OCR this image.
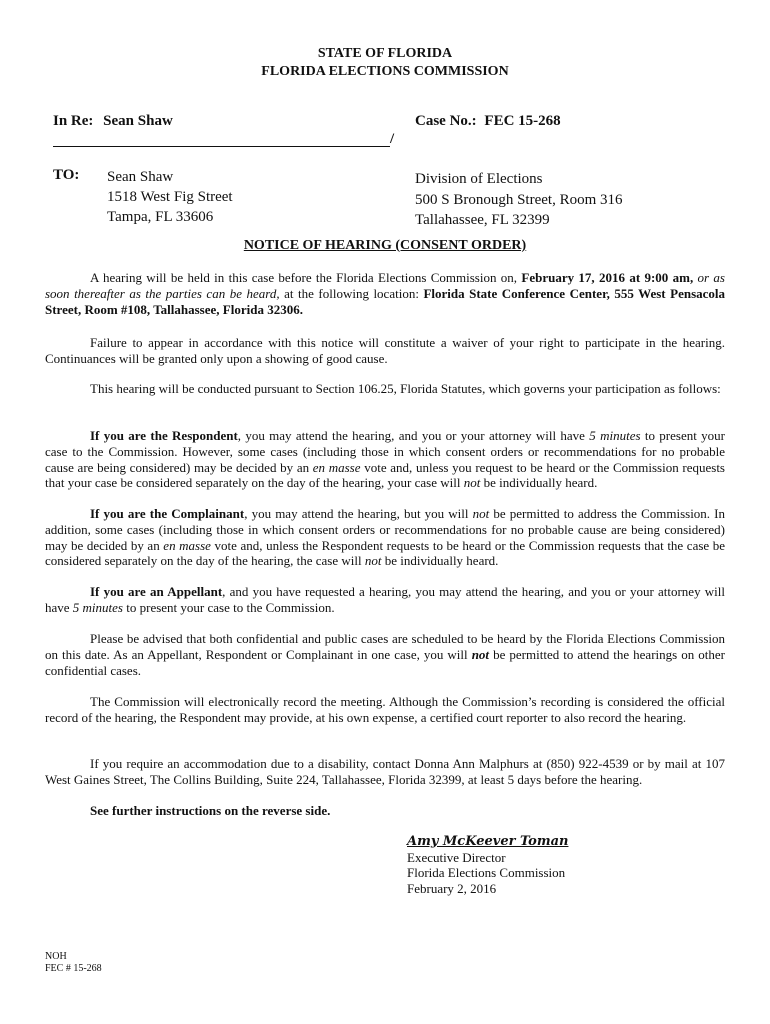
STATE OF FLORIDA
FLORIDA ELECTIONS COMMISSION
In Re: Sean Shaw	Case No.: FEC 15-268
/
TO: Sean Shaw
1518 West Fig Street
Tampa, FL 33606
Division of Elections
500 S Bronough Street, Room 316
Tallahassee, FL 32399
NOTICE OF HEARING (CONSENT ORDER)
A hearing will be held in this case before the Florida Elections Commission on, February 17, 2016 at 9:00 am, or as soon thereafter as the parties can be heard, at the following location: Florida State Conference Center, 555 West Pensacola Street, Room #108, Tallahassee, Florida 32306.
Failure to appear in accordance with this notice will constitute a waiver of your right to participate in the hearing. Continuances will be granted only upon a showing of good cause.
This hearing will be conducted pursuant to Section 106.25, Florida Statutes, which governs your participation as follows:
If you are the Respondent, you may attend the hearing, and you or your attorney will have 5 minutes to present your case to the Commission. However, some cases (including those in which consent orders or recommendations for no probable cause are being considered) may be decided by an en masse vote and, unless you request to be heard or the Commission requests that your case be considered separately on the day of the hearing, your case will not be individually heard.
If you are the Complainant, you may attend the hearing, but you will not be permitted to address the Commission. In addition, some cases (including those in which consent orders or recommendations for no probable cause are being considered) may be decided by an en masse vote and, unless the Respondent requests to be heard or the Commission requests that the case be considered separately on the day of the hearing, the case will not be individually heard.
If you are an Appellant, and you have requested a hearing, you may attend the hearing, and you or your attorney will have 5 minutes to present your case to the Commission.
Please be advised that both confidential and public cases are scheduled to be heard by the Florida Elections Commission on this date. As an Appellant, Respondent or Complainant in one case, you will not be permitted to attend the hearings on other confidential cases.
The Commission will electronically record the meeting. Although the Commission’s recording is considered the official record of the hearing, the Respondent may provide, at his own expense, a certified court reporter to also record the hearing.
If you require an accommodation due to a disability, contact Donna Ann Malphurs at (850) 922-4539 or by mail at 107 West Gaines Street, The Collins Building, Suite 224, Tallahassee, Florida 32399, at least 5 days before the hearing.
See further instructions on the reverse side.
Amy McKeever Toman
Executive Director
Florida Elections Commission
February 2, 2016
NOH
FEC # 15-268
